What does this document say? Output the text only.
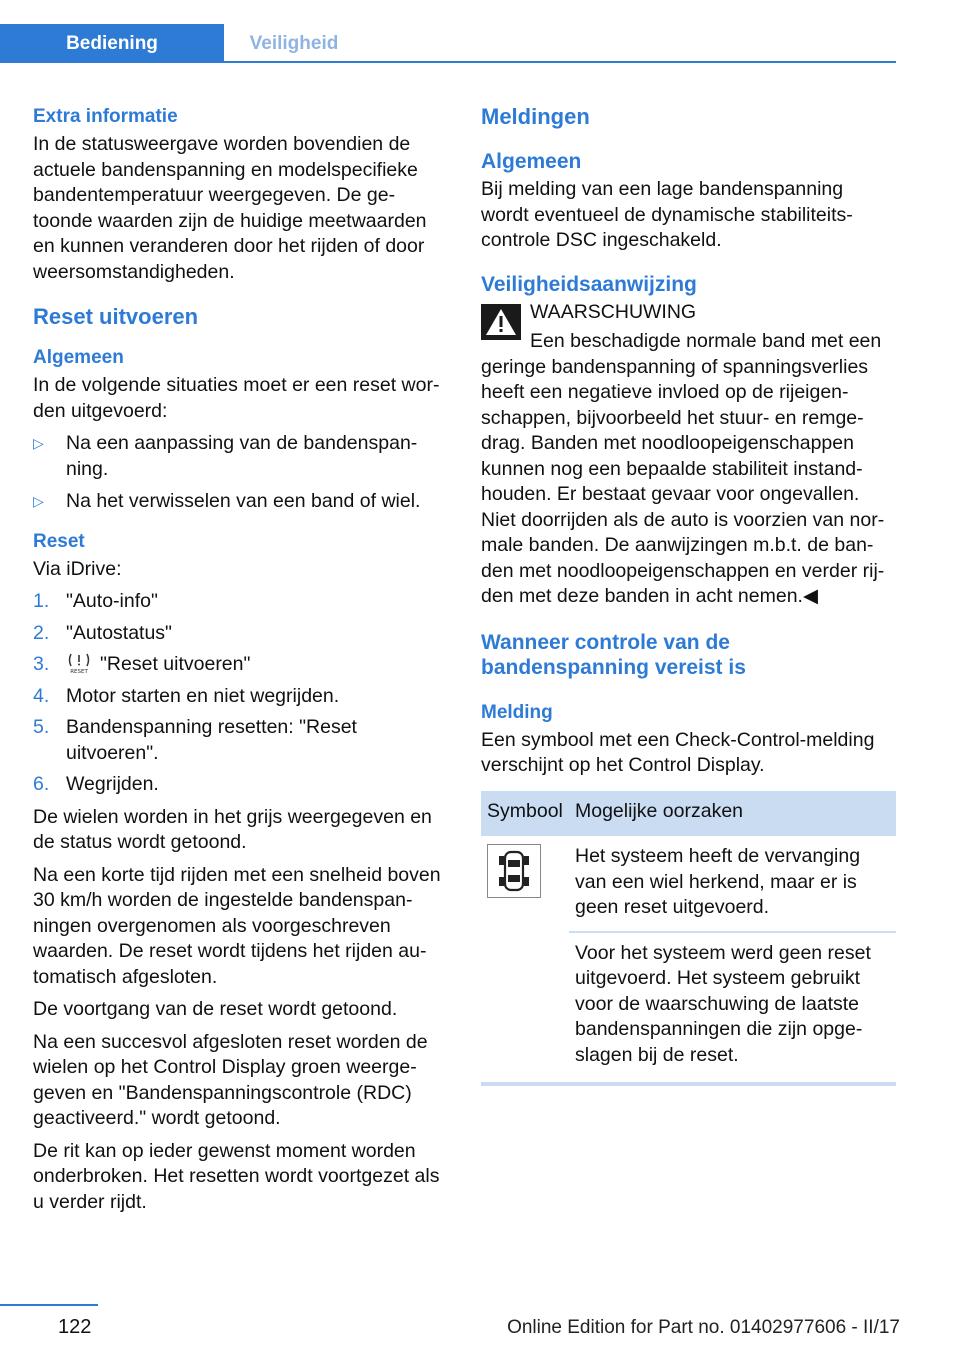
Bediening	Veiligheid
Extra informatie

In de statusweergave worden bovendien de actuele bandenspanning en modelspecifieke bandentemperatuur weergegeven. De getoonde waarden zijn de huidige meetwaarden en kunnen veranderen door het rijden of door weersomstandigheden.

Reset uitvoeren
Algemeen

In de volgende situaties moet er een reset worden uitgevoerd:

▷ Na een aanpassing van de bandenspanning.
▷ Na het verwisselen van een band of wiel.
Reset

Via iDrive:

1. "Auto-info"
2. "Autostatus"
3.	RESET "Reset uitvoeren"
4. Motor starten en niet wegrijden.
5. Bandenspanning resetten: "Reset uitvoeren".
6. Wegrijden.

De wielen worden in het grijs weergegeven en de status wordt getoond.

Na een korte tijd rijden met een snelheid boven 30 km/h worden de ingestelde bandenspanningen overgenomen als voorgeschreven waarden. De reset wordt tijdens het rijden automatisch afgesloten.

De voortgang van de reset wordt getoond.

Na een succesvol afgesloten reset worden de wielen op het Control Display groen weergegeven en "Bandenspanningscontrole (RDC) geactiveerd." wordt getoond.

De rit kan op ieder gewenst moment worden onderbroken. Het resetten wordt voortgezet als u verder rijdt.

Meldingen
Algemeen

Bij melding van een lage bandenspanning wordt eventueel de dynamische stabiliteitscontrole DSC ingeschakeld.

Veiligheidsaanwijzing
WAARSCHUWING

Een beschadigde normale band met een
geringe bandenspanning of spanningsverlies heeft een negatieve invloed op de rijeigenschappen, bijvoorbeeld het stuur- en remgedrag. Banden met noodloopeigenschappen kunnen nog een bepaalde stabiliteit instandhouden. Er bestaat gevaar voor ongevallen. Niet doorrijden als de auto is voorzien van normale banden. De aanwijzingen m.b.t. de banden met noodloopeigenschappen en verder rijden met deze banden in acht nemen.◀

Wanneer controle van de bandenspanning vereist is
Melding

Een symbool met een Check-Control-melding verschijnt op het Control Display.

Symbool	Mogelijke oorzaken
	Het systeem heeft de vervanging van een wiel herkend, maar er is geen reset uitgevoerd.
	Voor het systeem werd geen reset uitgevoerd. Het systeem gebruikt voor de waarschuwing de laatste bandenspanningen die zijn opgeslagen bij de reset.
122	Online Edition for Part no. 01402977606 - II/17
